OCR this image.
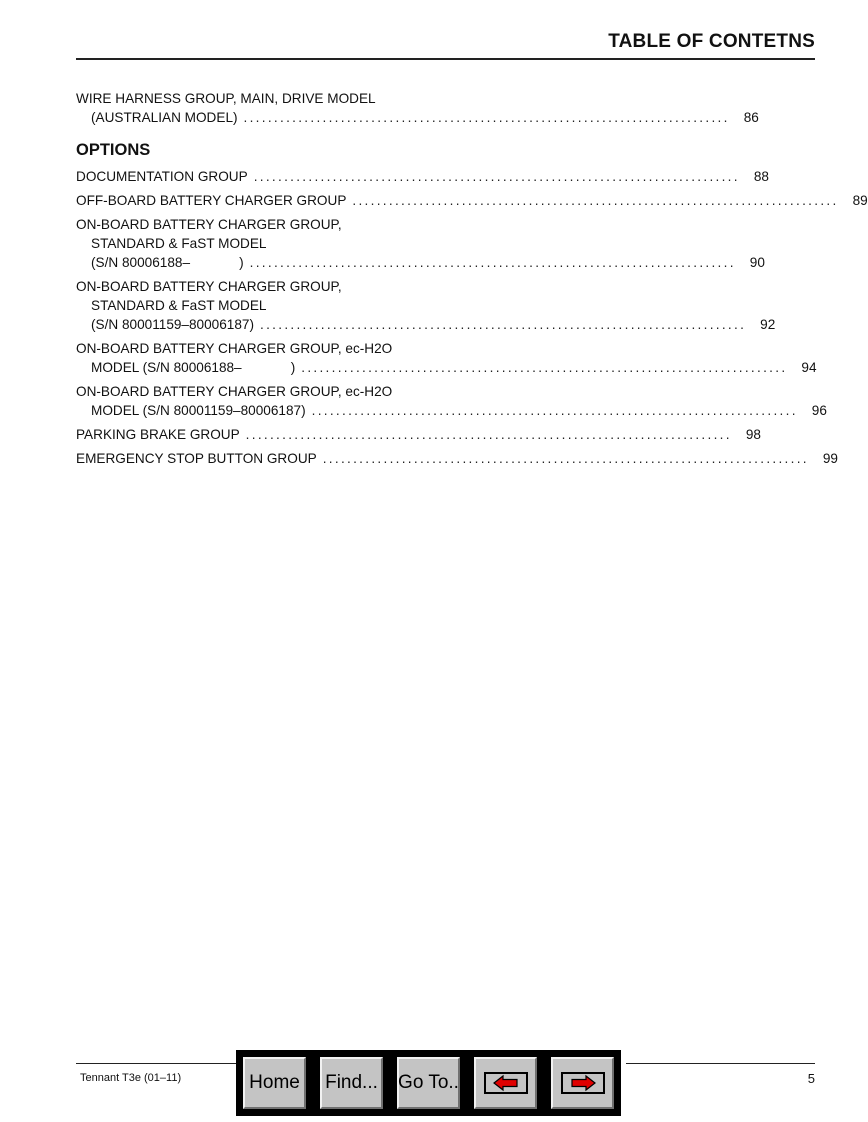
TABLE OF CONTETNS
WIRE HARNESS GROUP, MAIN, DRIVE MODEL
(AUSTRALIAN MODEL) ................................................................................ 86
OPTIONS
DOCUMENTATION GROUP ................................................................................ 88
OFF-BOARD BATTERY CHARGER GROUP ................................................................................ 89
ON-BOARD BATTERY CHARGER GROUP,
STANDARD & FaST MODEL
(S/N 80006188–             ) ................................................................................ 90
ON-BOARD BATTERY CHARGER GROUP,
STANDARD & FaST MODEL
(S/N 80001159–80006187) ................................................................................ 92
ON-BOARD BATTERY CHARGER GROUP, ec-H2O
MODEL (S/N 80006188–             ) ................................................................................ 94
ON-BOARD BATTERY CHARGER GROUP, ec-H2O
MODEL (S/N 80001159–80006187) ................................................................................ 96
PARKING BRAKE GROUP ................................................................................ 98
EMERGENCY STOP BUTTON GROUP ................................................................................ 99
Tennant T3e (01–11)	5
Home Find... Go To..
